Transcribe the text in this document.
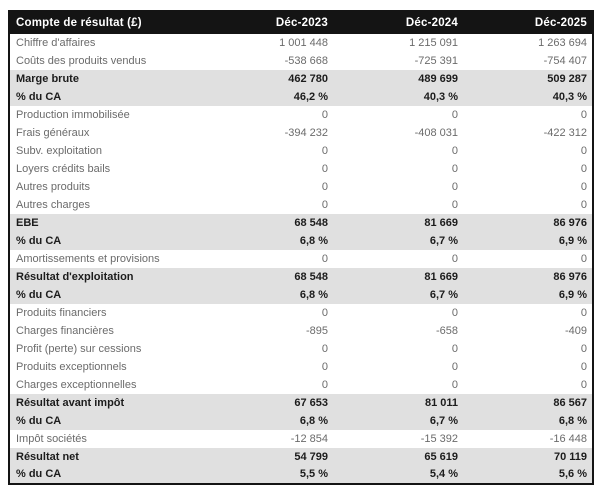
Compte de résultat (£)	Déc-2023	Déc-2024	Déc-2025
Chiffre d'affaires	1 001 448	1 215 091	1 263 694
Coûts des produits vendus	-538 668	-725 391	-754 407
Marge brute	462 780	489 699	509 287
% du CA	46,2 %	40,3 %	40,3 %
Production immobilisée	0	0	0
Frais généraux	-394 232	-408 031	-422 312
Subv. exploitation	0	0	0
Loyers crédits bails	0	0	0
Autres produits	0	0	0
Autres charges	0	0	0
EBE	68 548	81 669	86 976
% du CA	6,8 %	6,7 %	6,9 %
Amortissements et provisions	0	0	0
Résultat d'exploitation	68 548	81 669	86 976
% du CA	6,8 %	6,7 %	6,9 %
Produits financiers	0	0	0
Charges financières	-895	-658	-409
Profit (perte) sur cessions	0	0	0
Produits exceptionnels	0	0	0
Charges exceptionnelles	0	0	0
Résultat avant impôt	67 653	81 011	86 567
% du CA	6,8 %	6,7 %	6,8 %
Impôt sociétés	-12 854	-15 392	-16 448
Résultat net	54 799	65 619	70 119
% du CA	5,5 %	5,4 %	5,6 %
